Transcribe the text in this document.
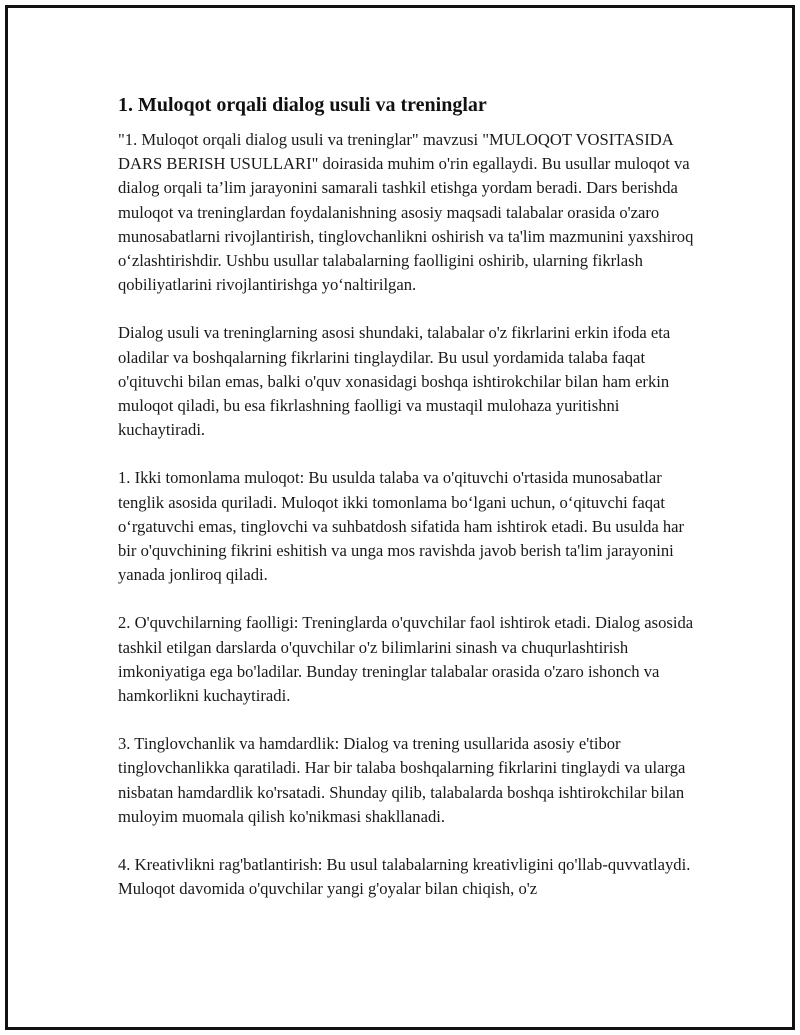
1. Muloqot orqali dialog usuli va treninglar

"1. Muloqot orqali dialog usuli va treninglar" mavzusi "MULOQOT VOSITASIDA DARS BERISH USULLARI" doirasida muhim o'rin egallaydi. Bu usullar muloqot va dialog orqali ta’lim jarayonini samarali tashkil etishga yordam beradi. Dars berishda muloqot va treninglardan foydalanishning asosiy maqsadi talabalar orasida o'zaro munosabatlarni rivojlantirish, tinglovchanlikni oshirish va ta'lim mazmunini yaxshiroq o‘zlashtirishdir. Ushbu usullar talabalarning faolligini oshirib, ularning fikrlash qobiliyatlarini rivojlantirishga yo‘naltirilgan.

Dialog usuli va treninglarning asosi shundaki, talabalar o'z fikrlarini erkin ifoda eta oladilar va boshqalarning fikrlarini tinglaydilar. Bu usul yordamida talaba faqat o'qituvchi bilan emas, balki o'quv xonasidagi boshqa ishtirokchilar bilan ham erkin muloqot qiladi, bu esa fikrlashning faolligi va mustaqil mulohaza yuritishni kuchaytiradi.

1. Ikki tomonlama muloqot: Bu usulda talaba va o'qituvchi o'rtasida munosabatlar tenglik asosida quriladi. Muloqot ikki tomonlama bo‘lgani uchun, o‘qituvchi faqat o‘rgatuvchi emas, tinglovchi va suhbatdosh sifatida ham ishtirok etadi. Bu usulda har bir o'quvchining fikrini eshitish va unga mos ravishda javob berish ta'lim jarayonini yanada jonliroq qiladi.

2. O'quvchilarning faolligi: Treninglarda o'quvchilar faol ishtirok etadi. Dialog asosida tashkil etilgan darslarda o'quvchilar o'z bilimlarini sinash va chuqurlashtirish imkoniyatiga ega bo'ladilar. Bunday treninglar talabalar orasida o'zaro ishonch va hamkorlikni kuchaytiradi.

3. Tinglovchanlik va hamdardlik: Dialog va trening usullarida asosiy e'tibor tinglovchanlikka qaratiladi. Har bir talaba boshqalarning fikrlarini tinglaydi va ularga nisbatan hamdardlik ko'rsatadi. Shunday qilib, talabalarda boshqa ishtirokchilar bilan muloyim muomala qilish ko'nikmasi shakllanadi.

4. Kreativlikni rag'batlantirish: Bu usul talabalarning kreativligini qo'llab-quvvatlaydi. Muloqot davomida o'quvchilar yangi g'oyalar bilan chiqish, o'z
